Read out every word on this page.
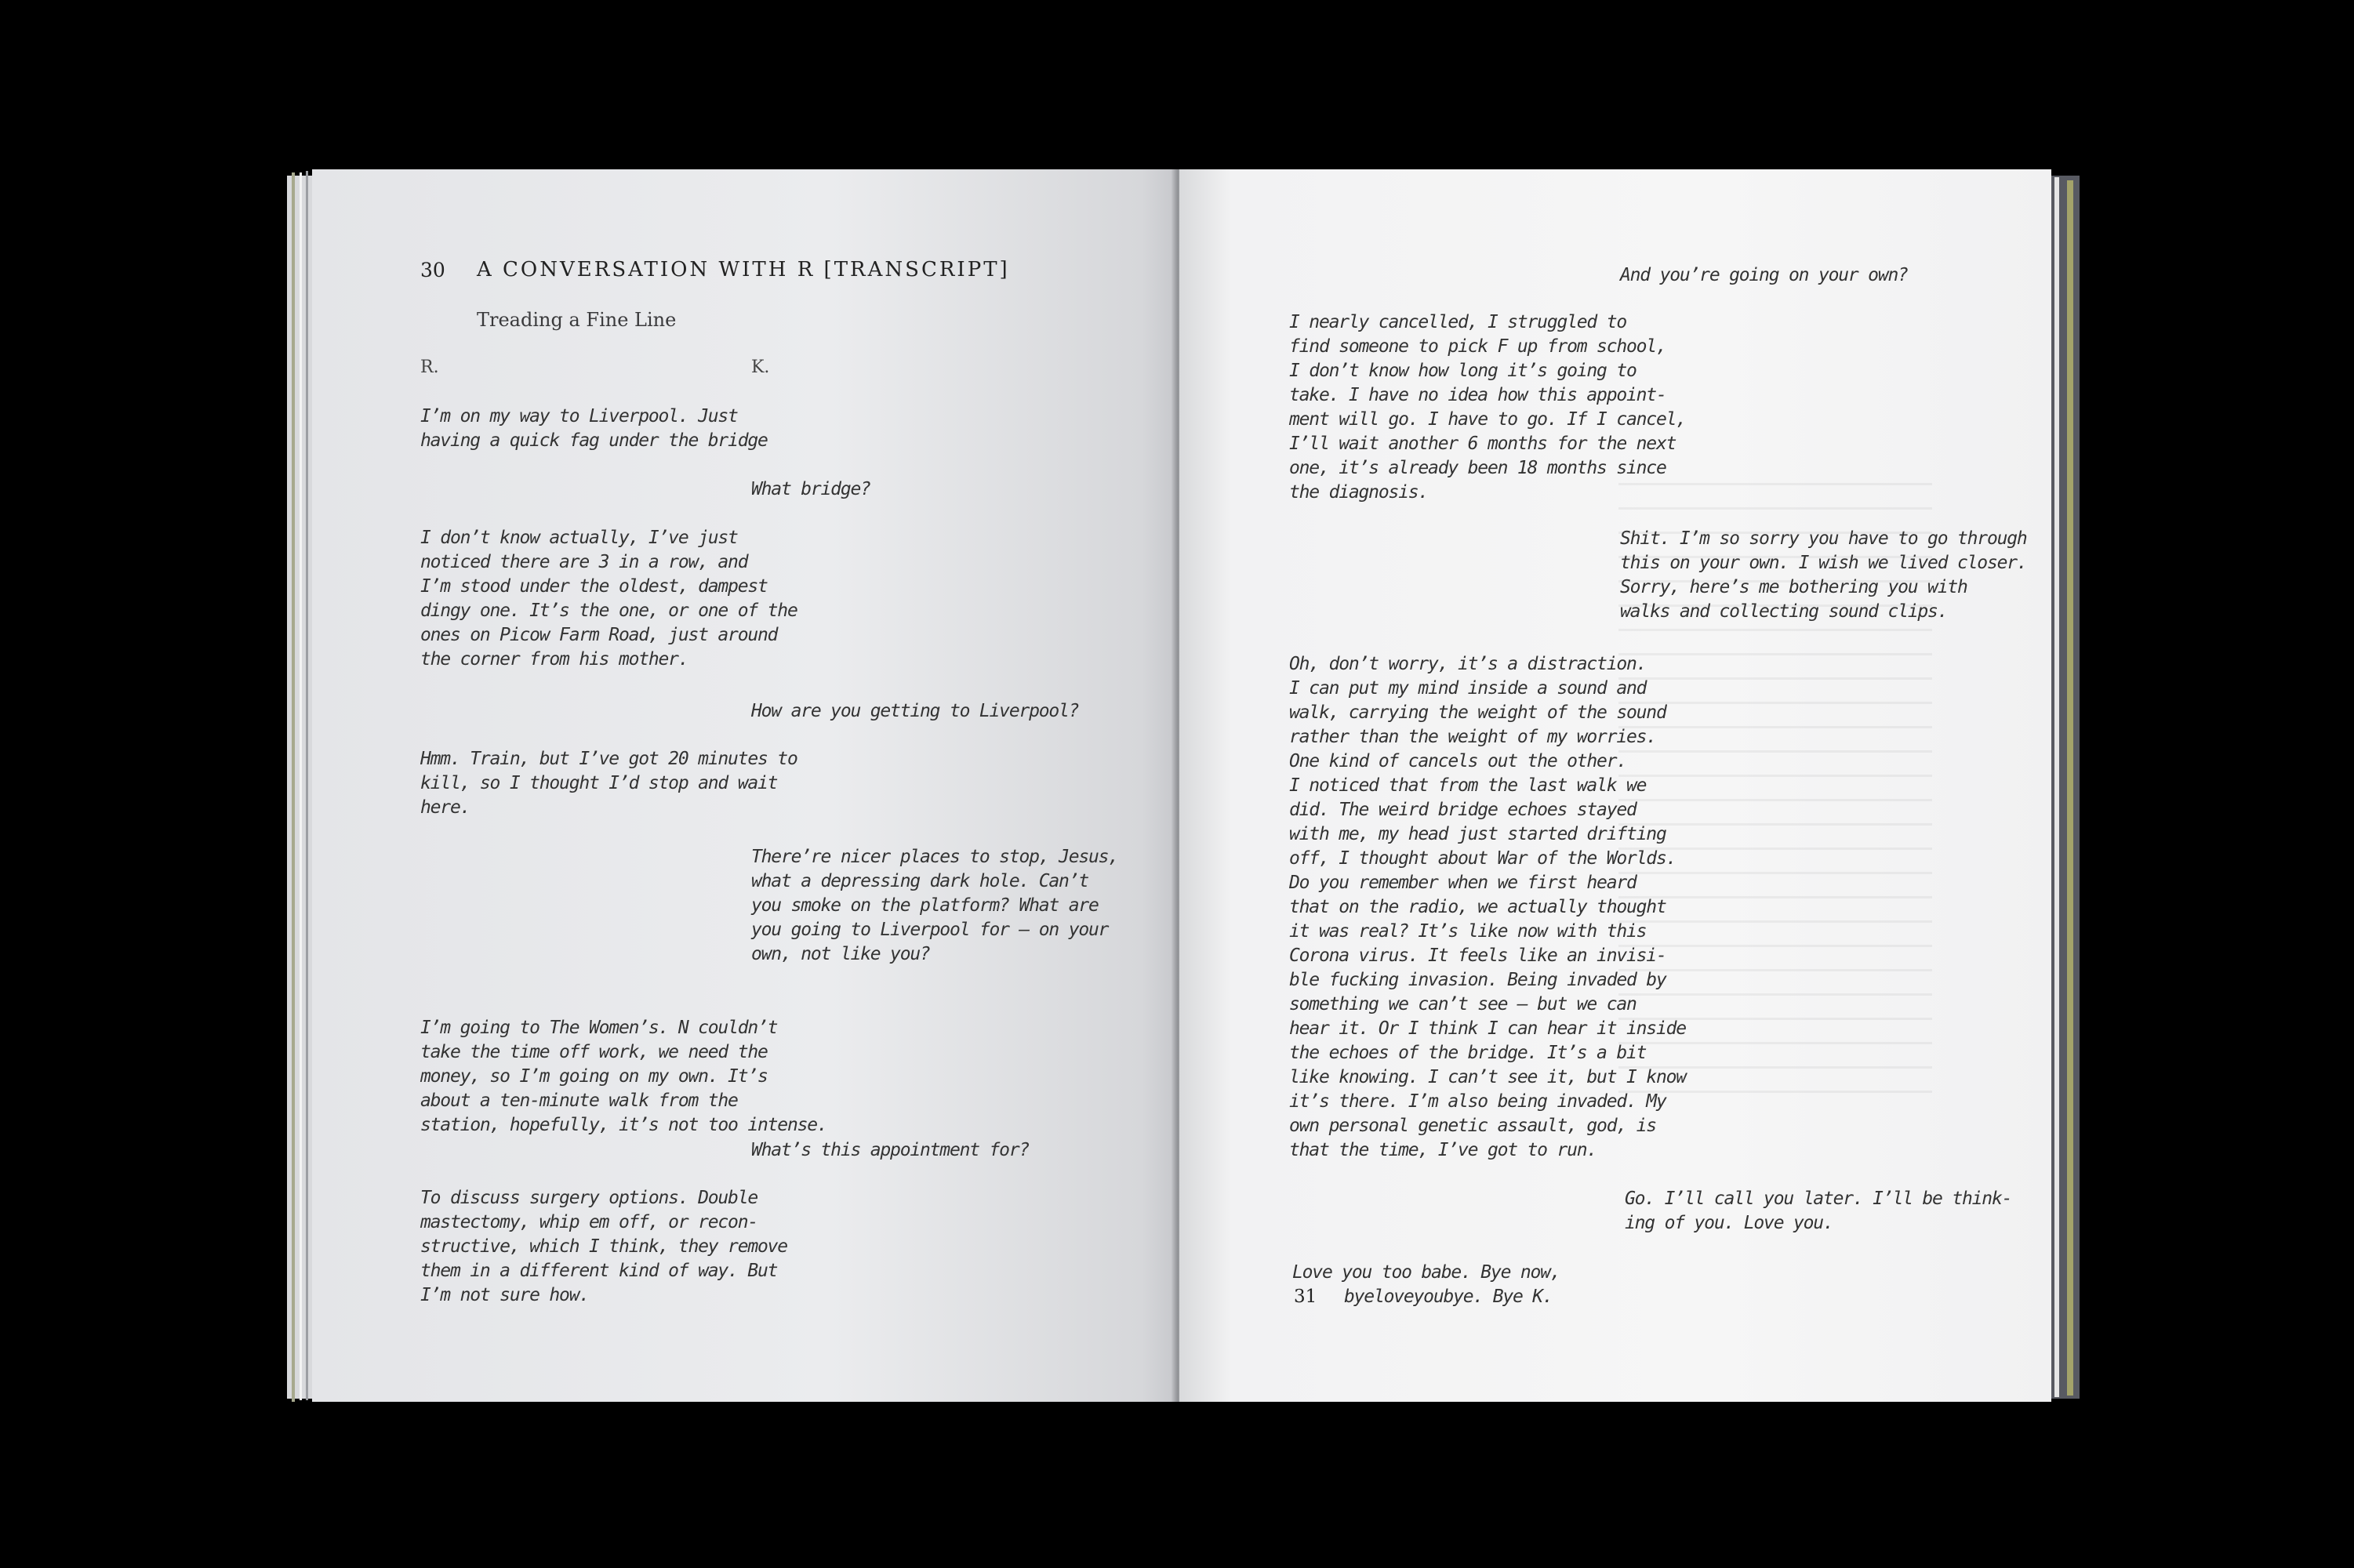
30 A CONVERSATION WITH R [TRANSCRIPT]
Treading a Fine Line
R.	K.
I’m on my way to Liverpool. Just
having a quick fag under the bridge
What bridge?
I don’t know actually, I’ve just
noticed there are 3 in a row, and
I’m stood under the oldest, dampest
dingy one. It’s the one, or one of the
ones on Picow Farm Road, just around
the corner from his mother.
How are you getting to Liverpool?
Hmm. Train, but I’ve got 20 minutes to
kill, so I thought I’d stop and wait
here.
There’re nicer places to stop, Jesus,
what a depressing dark hole. Can’t
you smoke on the platform? What are
you going to Liverpool for – on your
own, not like you?
I’m going to The Women’s. N couldn’t
take the time off work, we need the
money, so I’m going on my own. It’s
about a ten-minute walk from the
station, hopefully, it’s not too intense.
What’s this appointment for?
To discuss surgery options. Double
mastectomy, whip em off, or recon-
structive, which I think, they remove
them in a different kind of way. But
I’m not sure how.
And you’re going on your own?
I nearly cancelled, I struggled to
find someone to pick F up from school,
I don’t know how long it’s going to
take. I have no idea how this appoint-
ment will go. I have to go. If I cancel,
I’ll wait another 6 months for the next
one, it’s already been 18 months since
the diagnosis.
Shit. I’m so sorry you have to go through
this on your own. I wish we lived closer.
Sorry, here’s me bothering you with
walks and collecting sound clips.
Oh, don’t worry, it’s a distraction.
I can put my mind inside a sound and
walk, carrying the weight of the sound
rather than the weight of my worries.
One kind of cancels out the other.
I noticed that from the last walk we
did. The weird bridge echoes stayed
with me, my head just started drifting
off, I thought about War of the Worlds.
Do you remember when we first heard
that on the radio, we actually thought
it was real? It’s like now with this
Corona virus. It feels like an invisi-
ble fucking invasion. Being invaded by
something we can’t see – but we can
hear it. Or I think I can hear it inside
the echoes of the bridge. It’s a bit
like knowing. I can’t see it, but I know
it’s there. I’m also being invaded. My
own personal genetic assault, god, is
that the time, I’ve got to run.
Go. I’ll call you later. I’ll be think-
ing of you. Love you.
Love you too babe. Bye now,
byeloveyoubye. Bye K.
31
